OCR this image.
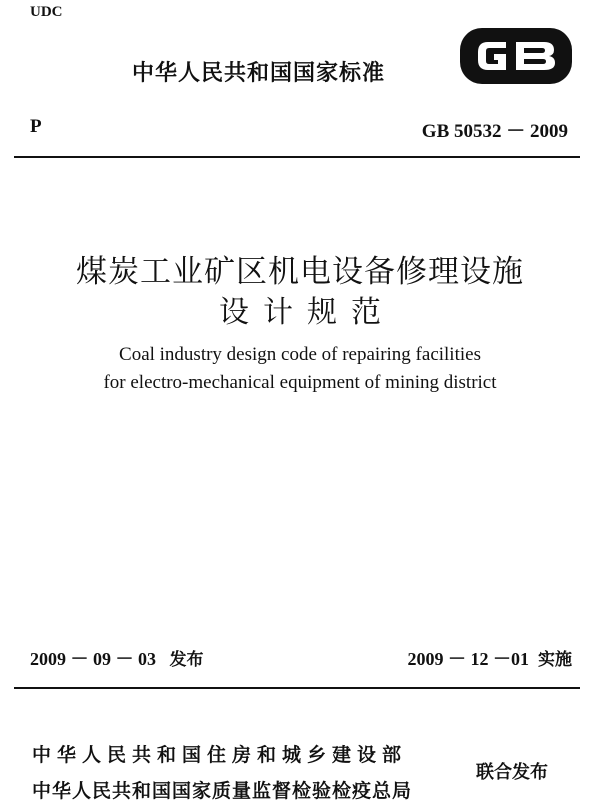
UDC
中华人民共和国国家标准
P	GB 50532 － 2009
煤炭工业矿区机电设备修理设施
设计规范
Coal industry design code of repairing facilities
for electro-mechanical equipment of mining district
2009 － 09 － 03 发布	2009 － 12 －01 实施
中华人民共和国住房和城乡建设部
中华人民共和国国家质量监督检验检疫总局
联合发布
